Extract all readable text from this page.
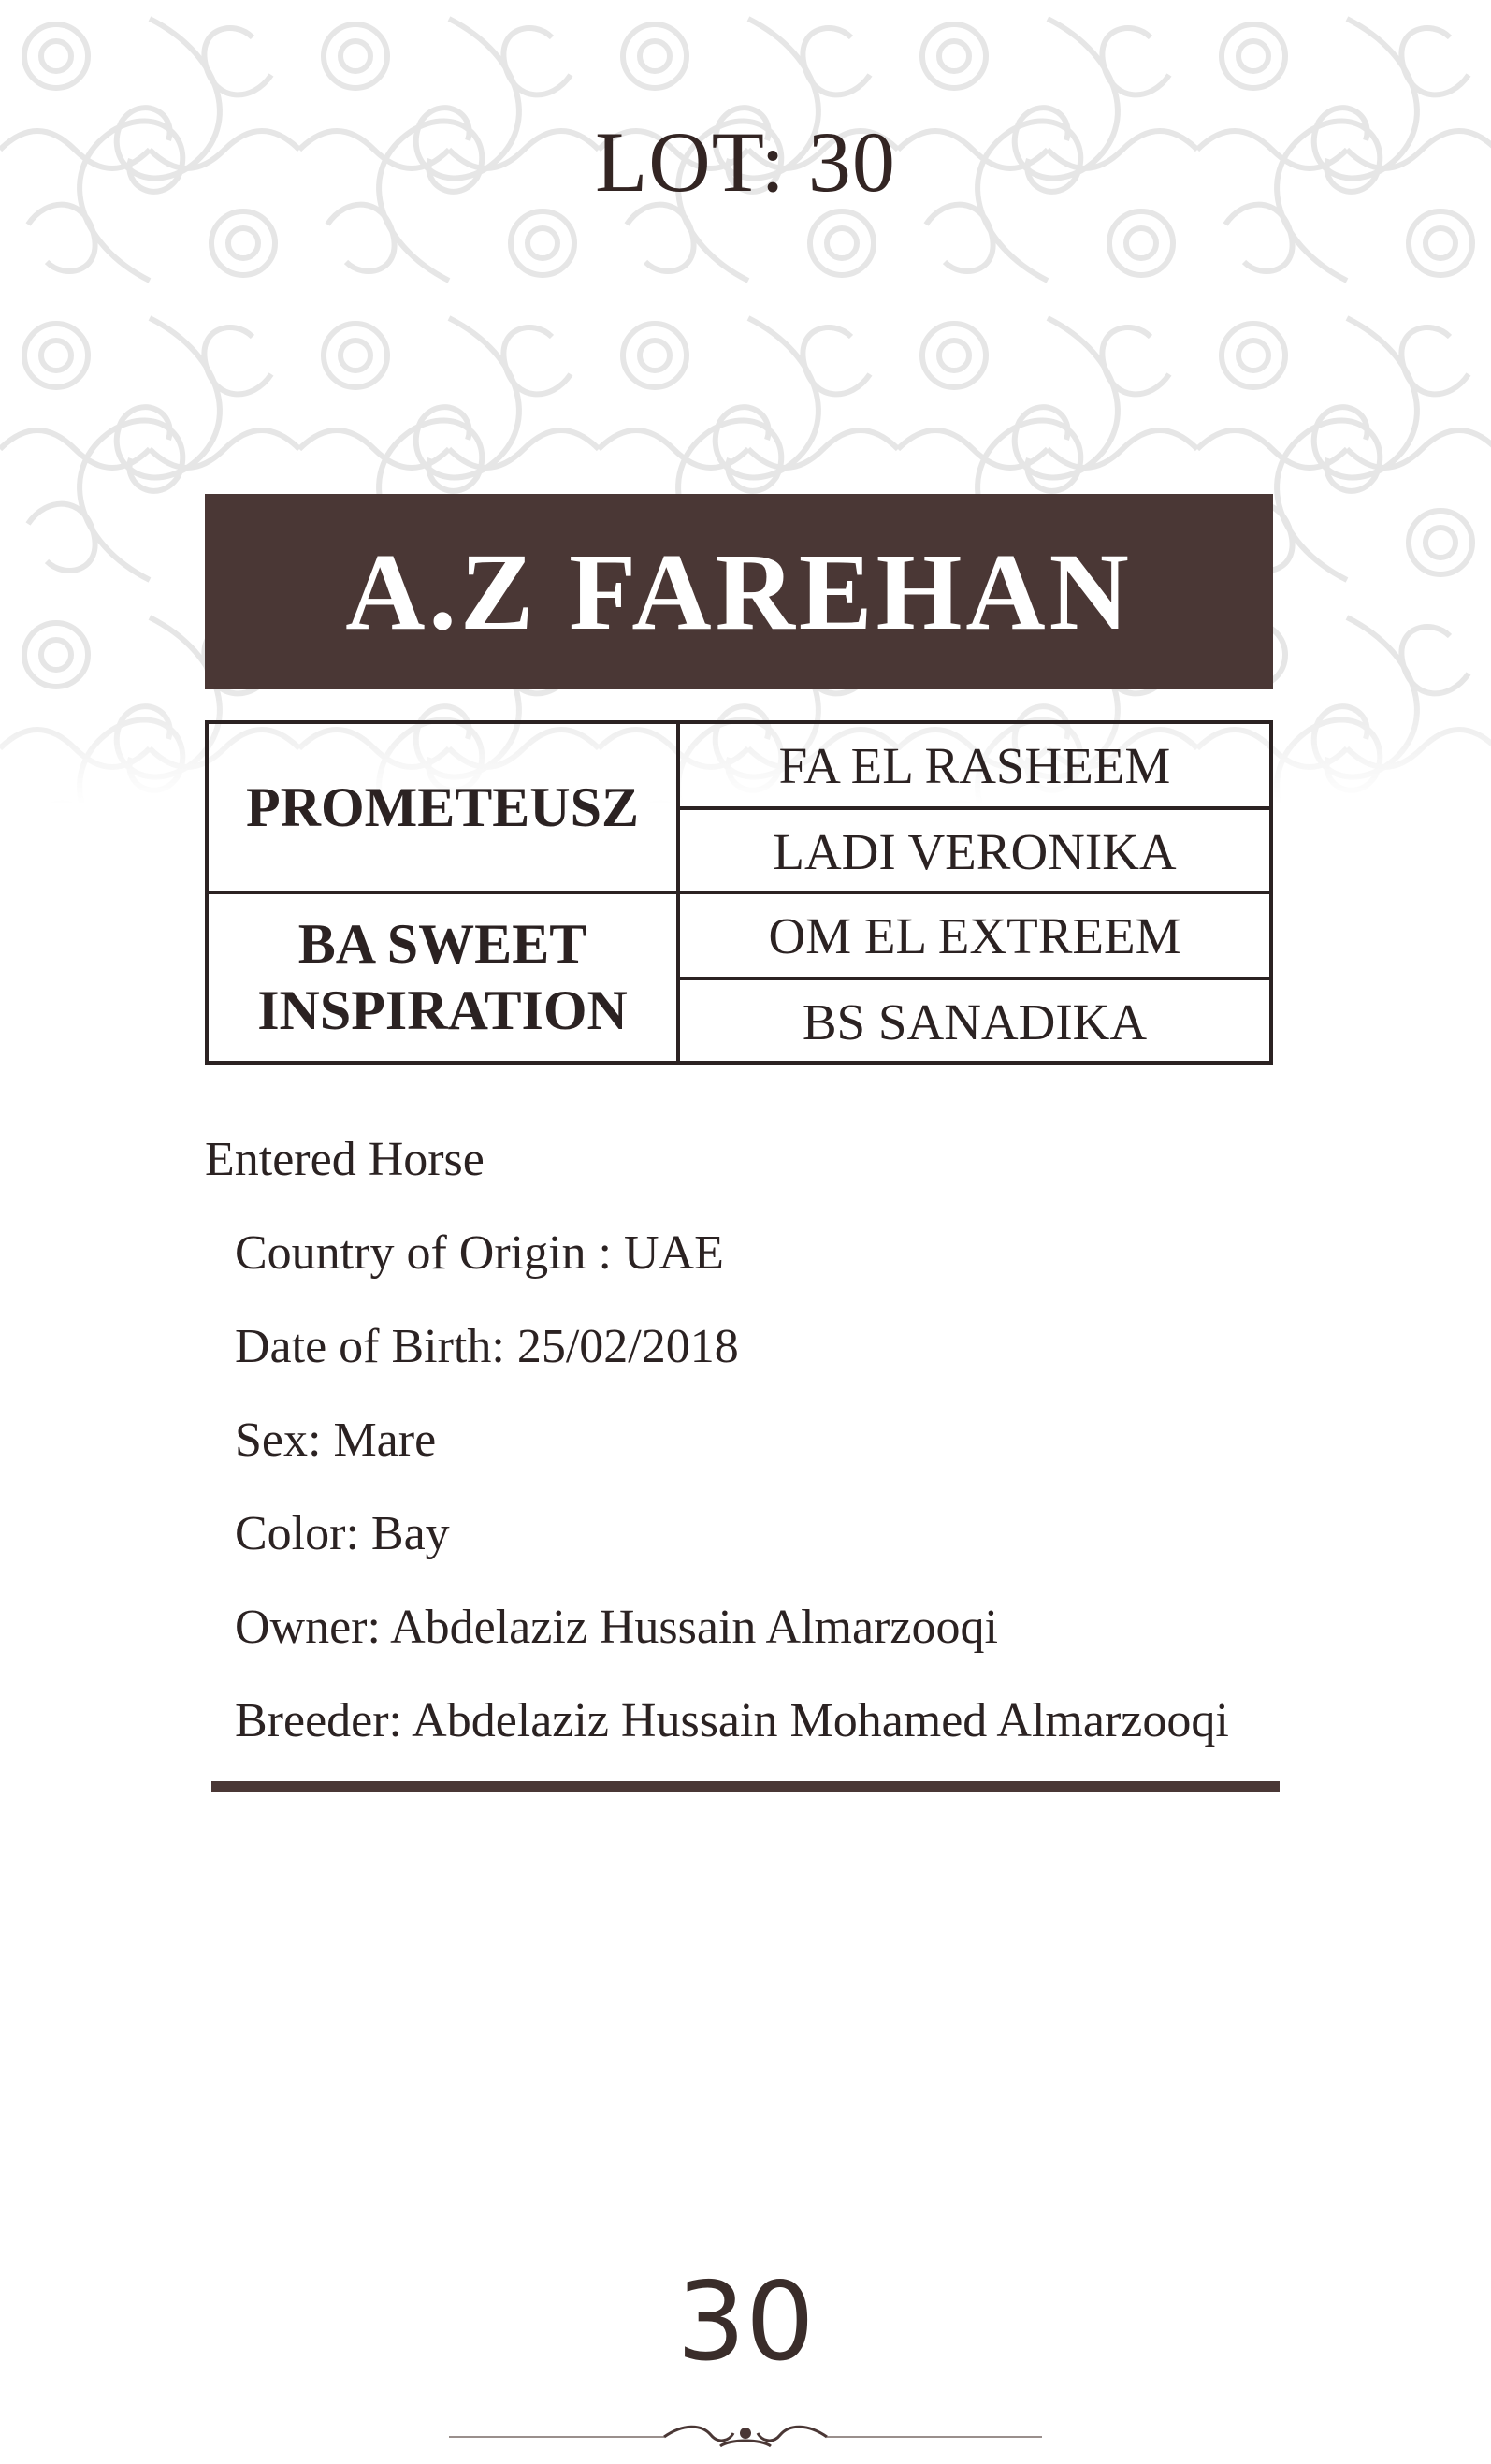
LOT: 30
A.Z FAREHAN
PROMETEUSZ
BA SWEET
INSPIRATION
FA EL RASHEEM
LADI VERONIKA
OM EL EXTREEM
BS SANADIKA
Entered Horse
Country of Origin : UAE
Date of Birth: 25/02/2018
Sex: Mare
Color: Bay
Owner: Abdelaziz Hussain Almarzooqi
Breeder: Abdelaziz Hussain Mohamed Almarzooqi
30
